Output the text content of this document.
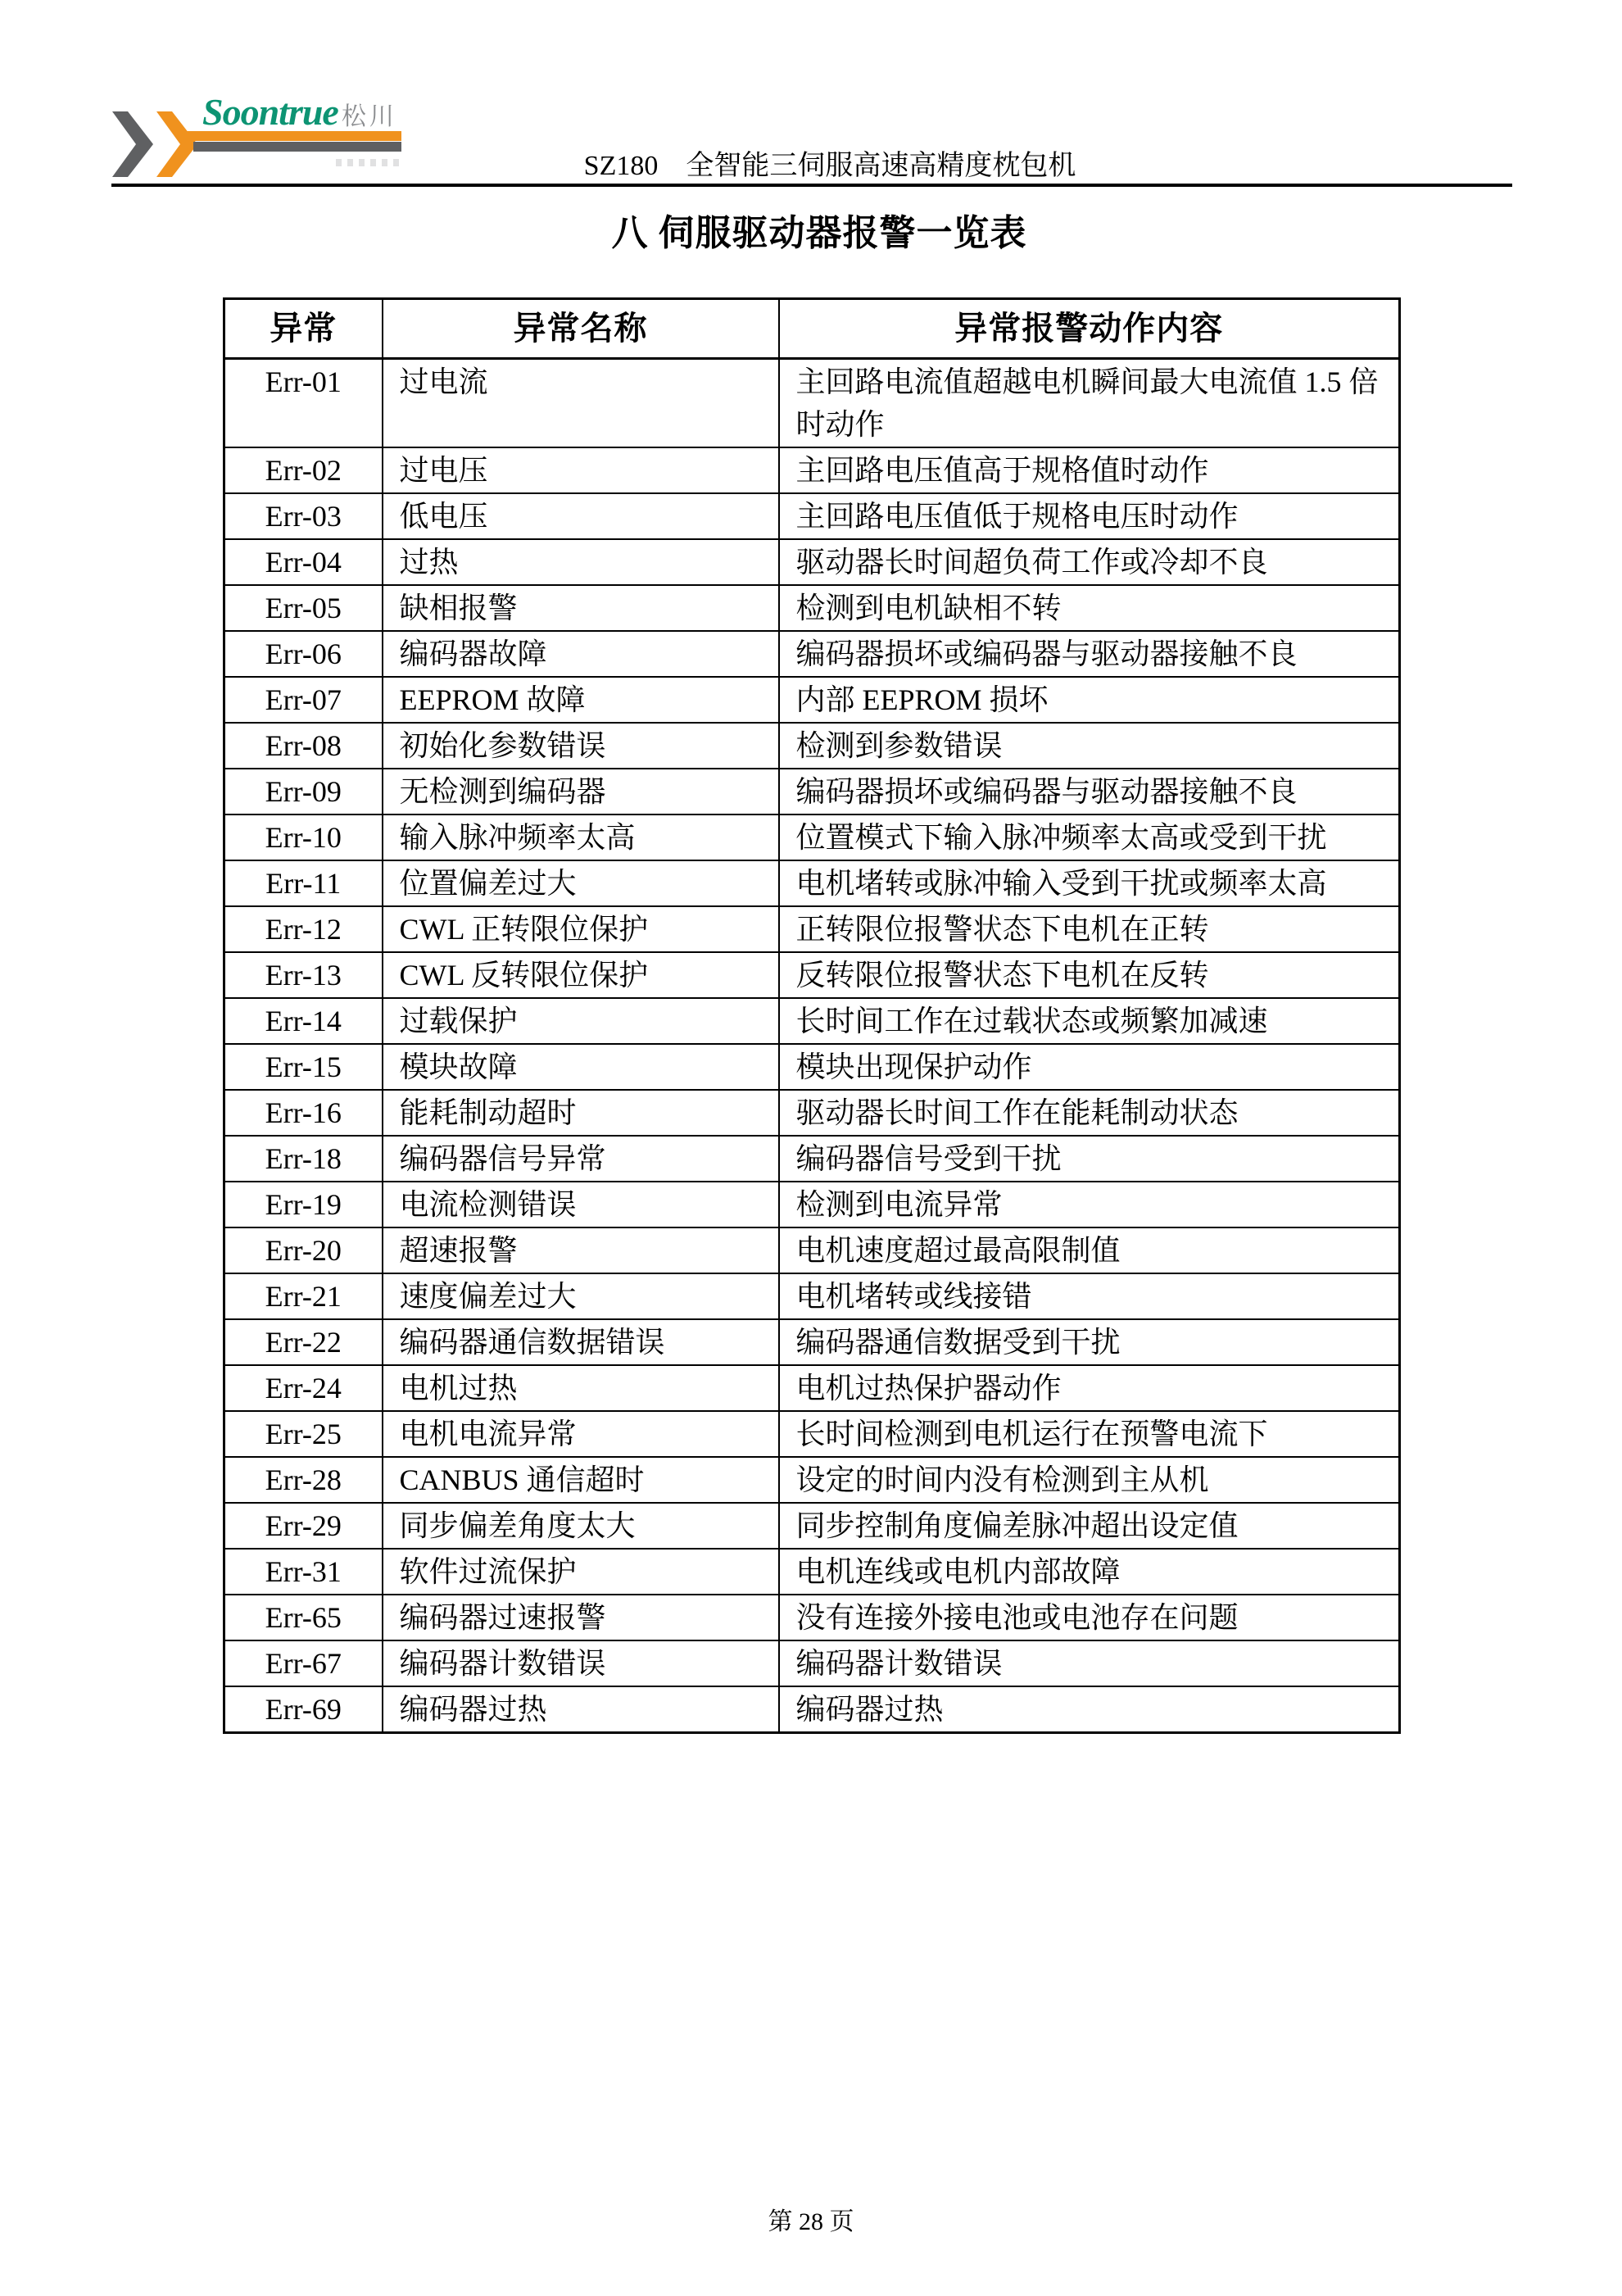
Soontrue 松川
SZ180　全智能三伺服高速高精度枕包机
八 伺服驱动器报警一览表
异常	异常名称	异常报警动作内容
Err-01	过电流	主回路电流值超越电机瞬间最大电流值 1.5 倍时动作
Err-02	过电压	主回路电压值高于规格值时动作
Err-03	低电压	主回路电压值低于规格电压时动作
Err-04	过热	驱动器长时间超负荷工作或冷却不良
Err-05	缺相报警	检测到电机缺相不转
Err-06	编码器故障	编码器损坏或编码器与驱动器接触不良
Err-07	EEPROM 故障	内部 EEPROM 损坏
Err-08	初始化参数错误	检测到参数错误
Err-09	无检测到编码器	编码器损坏或编码器与驱动器接触不良
Err-10	输入脉冲频率太高	位置模式下输入脉冲频率太高或受到干扰
Err-11	位置偏差过大	电机堵转或脉冲输入受到干扰或频率太高
Err-12	CWL 正转限位保护	正转限位报警状态下电机在正转
Err-13	CWL 反转限位保护	反转限位报警状态下电机在反转
Err-14	过载保护	长时间工作在过载状态或频繁加减速
Err-15	模块故障	模块出现保护动作
Err-16	能耗制动超时	驱动器长时间工作在能耗制动状态
Err-18	编码器信号异常	编码器信号受到干扰
Err-19	电流检测错误	检测到电流异常
Err-20	超速报警	电机速度超过最高限制值
Err-21	速度偏差过大	电机堵转或线接错
Err-22	编码器通信数据错误	编码器通信数据受到干扰
Err-24	电机过热	电机过热保护器动作
Err-25	电机电流异常	长时间检测到电机运行在预警电流下
Err-28	CANBUS 通信超时	设定的时间内没有检测到主从机
Err-29	同步偏差角度太大	同步控制角度偏差脉冲超出设定值
Err-31	软件过流保护	电机连线或电机内部故障
Err-65	编码器过速报警	没有连接外接电池或电池存在问题
Err-67	编码器计数错误	编码器计数错误
Err-69	编码器过热	编码器过热
第 28 页
